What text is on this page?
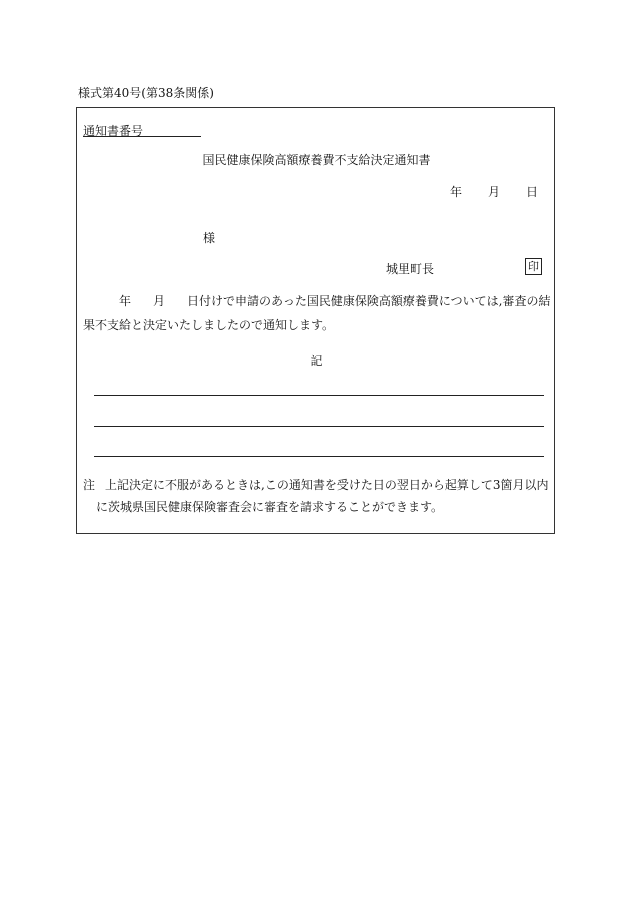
様式第40号(第38条関係)
通知書番号
国民健康保険高額療養費不支給決定通知書
年 月 日
様
城里町長	印
年 月 日付けで申請のあった国民健康保険高額療養費については,審査の結
果不支給と決定いたしましたので通知します。
記
注 上記決定に不服があるときは,この通知書を受けた日の翌日から起算して3箇月以内
に茨城県国民健康保険審査会に審査を請求することができます。
